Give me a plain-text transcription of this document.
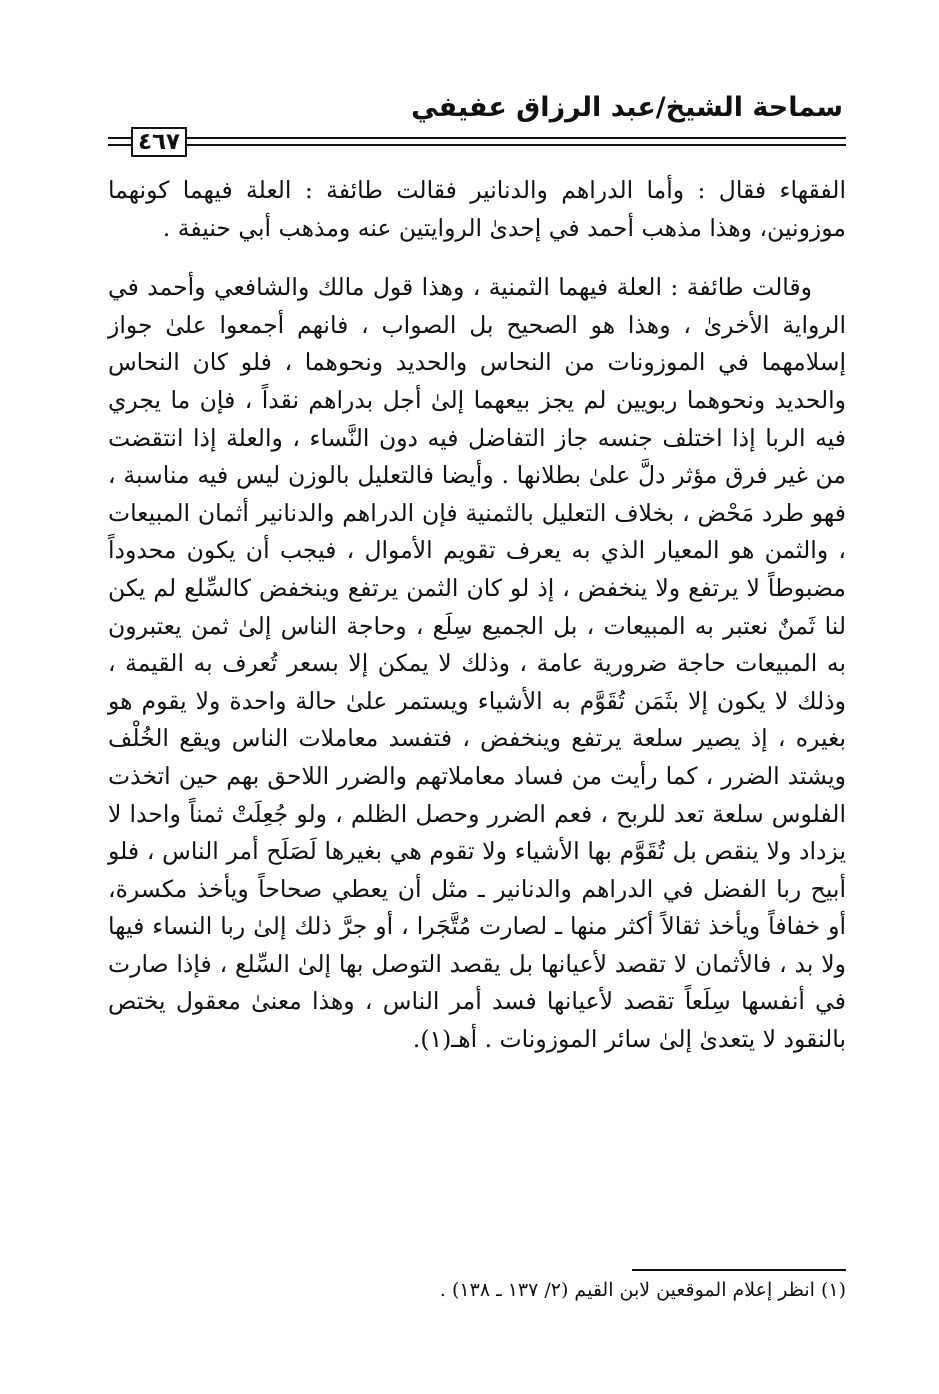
سماحة الشيخ/عبد الرزاق عفيفي
٤٦٧

الفقهاء فقال : وأما الدراهم والدنانير فقالت طائفة : العلة فيهما كونهما موزونين، وهذا مذهب أحمد في إحدىٰ الروايتين عنه ومذهب أبي حنيفة .

وقالت طائفة : العلة فيهما الثمنية ، وهذا قول مالك والشافعي وأحمد في الرواية الأخرىٰ ، وهذا هو الصحيح بل الصواب ، فانهم أجمعوا علىٰ جواز إسلامهما في الموزونات من النحاس والحديد ونحوهما ، فلو كان النحاس والحديد ونحوهما ربويين لم يجز بيعهما إلىٰ أجل بدراهم نقداً ، فإن ما يجري فيه الربا إذا اختلف جنسه جاز التفاضل فيه دون النَّساء ، والعلة إذا انتقضت من غير فرق مؤثر دلَّ علىٰ بطلانها . وأيضا فالتعليل بالوزن ليس فيه مناسبة ، فهو طرد مَحْض ، بخلاف التعليل بالثمنية فإن الدراهم والدنانير أثمان المبيعات ، والثمن هو المعيار الذي به يعرف تقويم الأموال ، فيجب أن يكون محدوداً مضبوطاً لا يرتفع ولا ينخفض ، إذ لو كان الثمن يرتفع وينخفض كالسِّلع لم يكن لنا ثَمنٌ نعتبر به المبيعات ، بل الجميع سِلَع ، وحاجة الناس إلىٰ ثمن يعتبرون به المبيعات حاجة ضرورية عامة ، وذلك لا يمكن إلا بسعر تُعرف به القيمة ، وذلك لا يكون إلا بثَمَن تُقَوَّم به الأشياء ويستمر علىٰ حالة واحدة ولا يقوم هو بغيره ، إذ يصير سلعة يرتفع وينخفض ، فتفسد معاملات الناس ويقع الخُلْف ويشتد الضرر ، كما رأيت من فساد معاملاتهم والضرر اللاحق بهم حين اتخذت الفلوس سلعة تعد للربح ، فعم الضرر وحصل الظلم ، ولو جُعِلَتْ ثمناً واحدا لا يزداد ولا ينقص بل تُقَوَّم بها الأشياء ولا تقوم هي بغيرها لَصَلَح أمر الناس ، فلو أبيح ربا الفضل في الدراهم والدنانير ـ مثل أن يعطي صحاحاً ويأخذ مكسرة، أو خفافاً ويأخذ ثقالاً أكثر منها ـ لصارت مُتَّجَرا ، أو جرَّ ذلك إلىٰ ربا النساء فيها ولا بد ، فالأثمان لا تقصد لأعيانها بل يقصد التوصل بها إلىٰ السِّلع ، فإذا صارت في أنفسها سِلَعاً تقصد لأعيانها فسد أمر الناس ، وهذا معنىٰ معقول يختص بالنقود لا يتعدىٰ إلىٰ سائر الموزونات . أهـ(١).

(١) انظر إعلام الموقعين لابن القيم (٢/ ١٣٧ ـ ١٣٨) .
